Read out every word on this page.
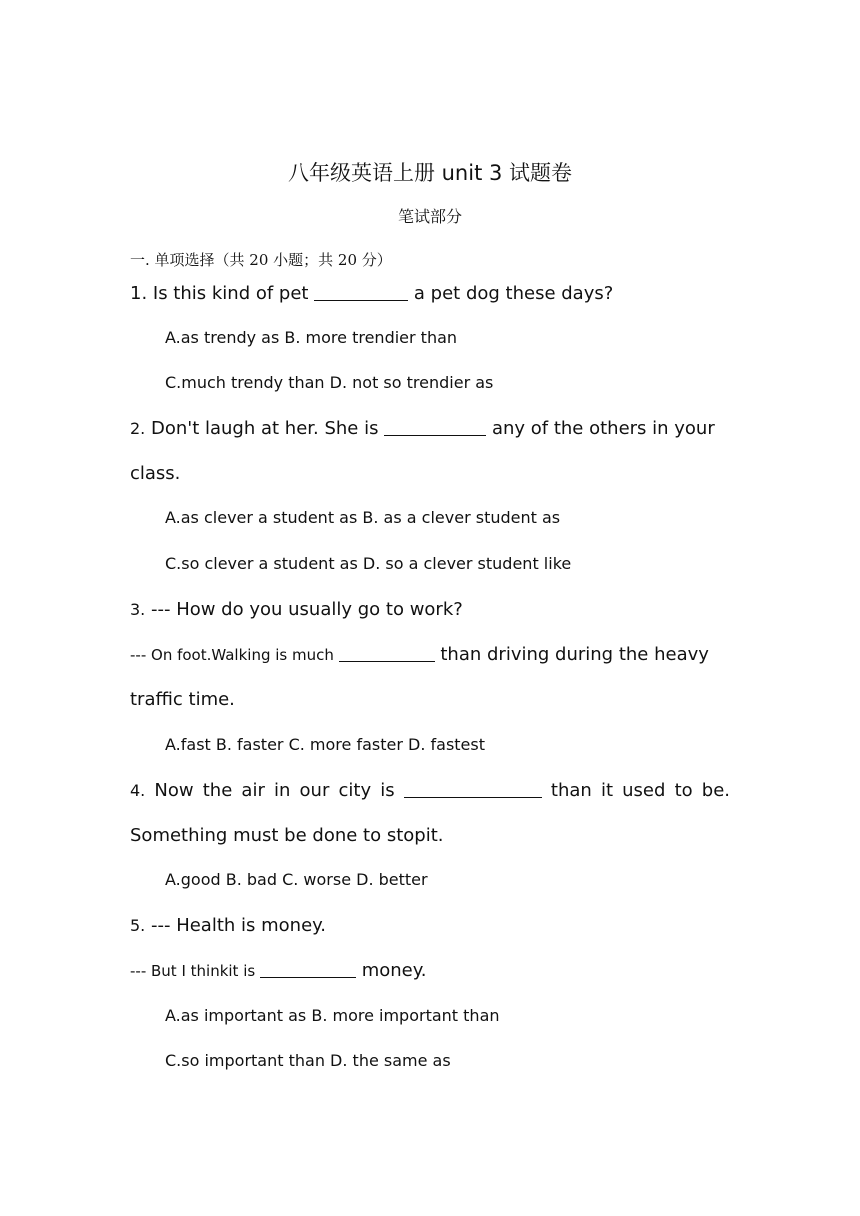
八年级英语上册 unit 3 试题卷
笔试部分
一. 单项选择（共 20 小题；共 20 分）
1. Is this kind of pet	a pet dog these days?
A.as trendy as B. more trendier than
C.much trendy than D. not so trendier as
2. Don't laugh at her. She is	any of the others in your
class.
A.as clever a student as B. as a clever student as
C.so clever a student as D. so a clever student like
3. --- How do you usually go to work?
--- On foot.Walking is much	than driving during the heavy
traffic time.
A.fast B. faster C. more faster D. fastest
4. Now the air in our city is	than it used to be.
Something must be done to stopit.
A.good B. bad C. worse D. better
5. --- Health is money.
--- But I thinkit is	money.
A.as important as B. more important than
C.so important than D. the same as
